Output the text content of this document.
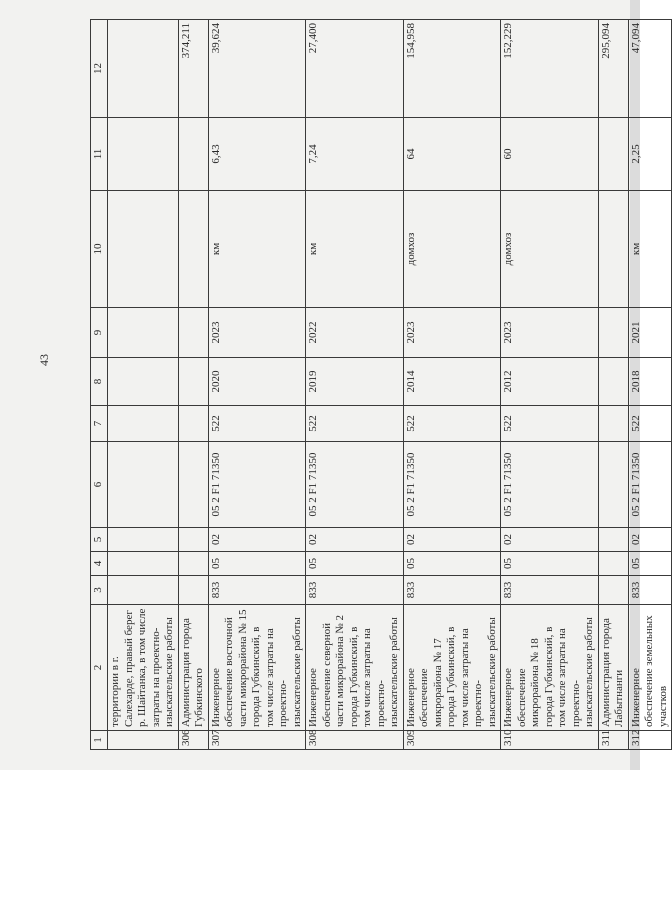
43
1	2	3	4	5	6	7	8	9	10	11	12
	территории в г. Салехарде, правый берег р. Шайтанка, в том числе затраты на проектно-изыскательские работы										
306	Администрация города Губкинского										374,211
307	Инженерное обеспечение восточной части микрорайона № 15 города Губкинский, в том числе затраты на проектно-изыскательские работы	833	05	02	05 2 F1 71350	522	2020	2023	км	6,43	39,624
308	Инженерное обеспечение северной части микрорайона № 2 города Губкинский, в том числе затраты на проектно-изыскательские работы	833	05	02	05 2 F1 71350	522	2019	2022	км	7,24	27,400
309	Инженерное обеспечение микрорайона № 17 города Губкинский, в том числе затраты на проектно-изыскательские работы	833	05	02	05 2 F1 71350	522	2014	2023	домхоз	64	154,958
310	Инженерное обеспечение микрорайона № 18 города Губкинский, в том числе затраты на проектно-изыскательские работы	833	05	02	05 2 F1 71350	522	2012	2023	домхоз	60	152,229
311	Администрация города Лабытнанги										295,094
312	Инженерное обеспечение земельных участков	833	05	02	05 2 F1 71350	522	2018	2021	км	2,25	47,094
